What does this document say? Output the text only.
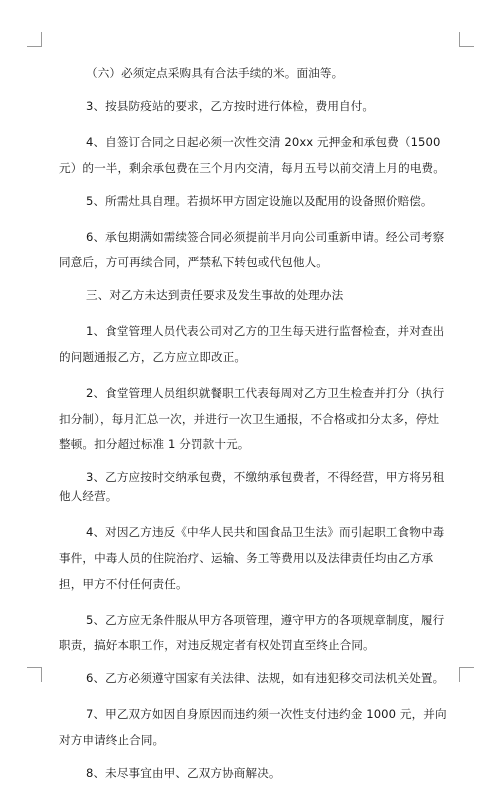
（六）必须定点采购具有合法手续的米。面油等。

3、按县防疫站的要求，乙方按时进行体检，费用自付。

4、自签订合同之日起必须一次性交清 20xx 元押金和承包费（1500 元）的一半，剩余承包费在三个月内交清，每月五号以前交清上月的电费。

5、所需灶具自理。若损坏甲方固定设施以及配用的设备照价赔偿。

6、承包期满如需续签合同必须提前半月向公司重新申请。经公司考察同意后，方可再续合同，严禁私下转包或代包他人。

三、对乙方未达到责任要求及发生事故的处理办法

1、食堂管理人员代表公司对乙方的卫生每天进行监督检查，并对查出的问题通报乙方，乙方应立即改正。

2、食堂管理人员组织就餐职工代表每周对乙方卫生检查并打分（执行扣分制），每月汇总一次，并进行一次卫生通报，不合格或扣分太多，停灶整顿。扣分超过标准 1 分罚款十元。

3、乙方应按时交纳承包费，不缴纳承包费者，不得经营，甲方将另租他人经营。

4、对因乙方违反《中华人民共和国食品卫生法》而引起职工食物中毒事件，中毒人员的住院治疗、运输、务工等费用以及法律责任均由乙方承担，甲方不付任何责任。

5、乙方应无条件服从甲方各项管理，遵守甲方的各项规章制度，履行职责，搞好本职工作，对违反规定者有权处罚直至终止合同。

6、乙方必须遵守国家有关法律、法规，如有违犯移交司法机关处置。

7、甲乙双方如因自身原因而违约须一次性支付违约金 1000 元，并向对方申请终止合同。

8、未尽事宜由甲、乙双方协商解决。
